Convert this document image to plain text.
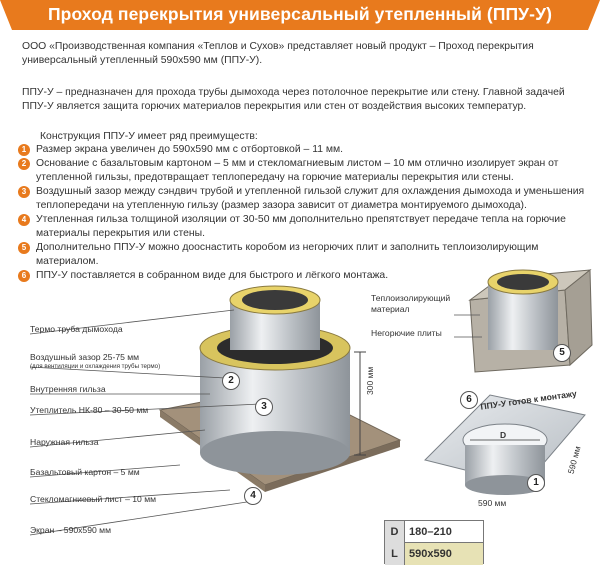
Проход перекрытия универсальный утепленный (ППУ-У)
ООО «Производственная компания «Теплов и Сухов» представляет новый продукт – Проход перекрытия универсальный утепленный 590х590 мм (ППУ-У).
ППУ-У – предназначен для прохода трубы дымохода через потолочное перекрытие или стену. Главной задачей ППУ-У является защита горючих материалов перекрытия или стен от воздействия высоких температур.
Конструкция ППУ-У имеет ряд преимуществ:
1 Размер экрана увеличен до 590х590 мм с отбортовкой – 11 мм.
2 Основание с базальтовым картоном – 5 мм и стекломагниевым листом – 10 мм отлично изолирует экран от утепленной гильзы, предотвращает теплопередачу на горючие материалы перекрытия или стены.
3 Воздушный зазор между сэндвич трубой и утепленной гильзой служит для охлаждения дымохода и уменьшения теплопередачи на утепленную гильзу (размер зазора зависит от диаметра монтируемого дымохода).
4 Утепленная гильза толщиной изоляции от 30-50 мм дополнительно препятствует передаче тепла на горючие материалы перекрытия или стены.
5 Дополнительно ППУ-У можно дооснастить коробом из негорючих плит и заполнить теплоизолирующим материалом.
6 ППУ-У поставляется в собранном виде для быстрого и лёгкого монтажа.
Термо труба дымохода
Воздушный зазор 25-75 мм
(для вентиляции и охлаждения трубы термо)
Внутренняя гильза
Утеплитель НК-80 – 30-50 мм
Наружная гильза
Базальтовый картон – 5 мм
Стекломагниевый лист – 10 мм
Экран – 590х590 мм
Теплоизолирующий
материал
Негорючие плиты
ППУ-У готов к монтажу
300 мм
D
590 мм
590 мм
1
2
3
4
5
6
D 180–210
L	590х590
